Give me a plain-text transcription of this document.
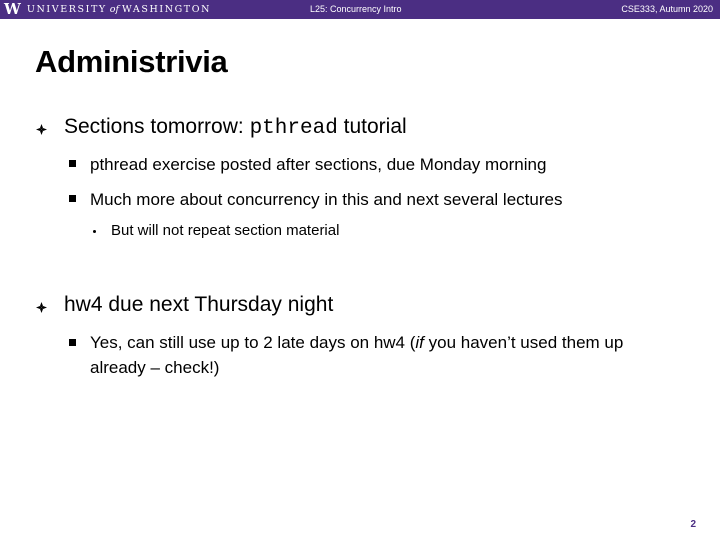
W UNIVERSITY of WASHINGTON	L25: Concurrency Intro	CSE333, Autumn 2020
Administrivia
Sections tomorrow: pthread tutorial
pthread exercise posted after sections, due Monday morning
Much more about concurrency in this and next several lectures
But will not repeat section material
hw4 due next Thursday night
Yes, can still use up to 2 late days on hw4 (if you haven’t used them up already – check!)
2
